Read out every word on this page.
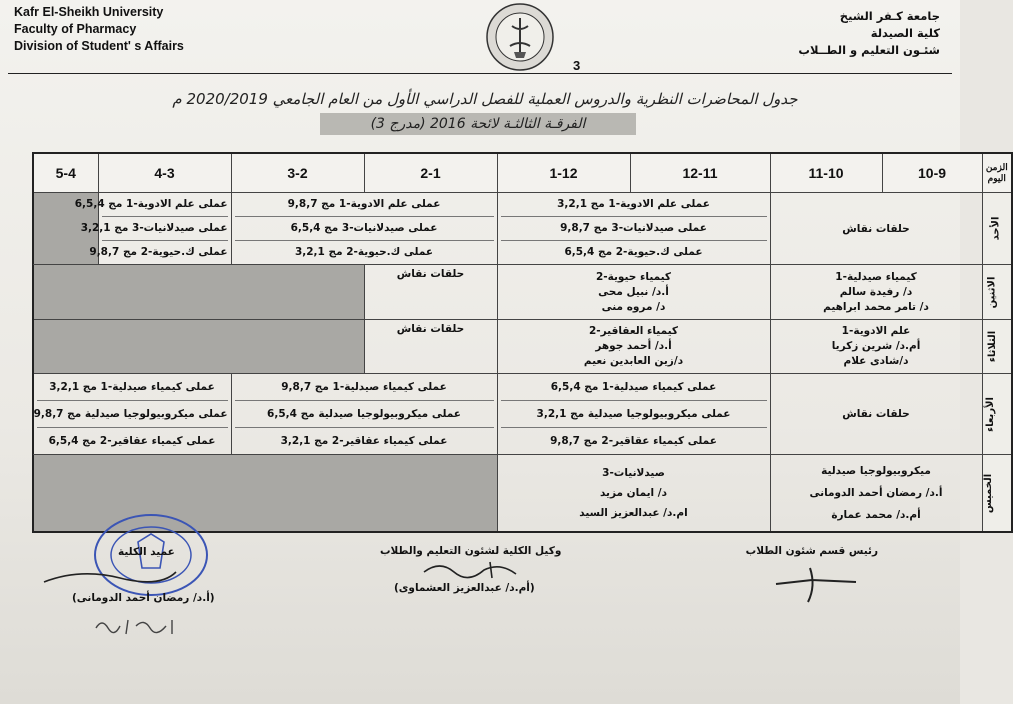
Kafr El-Sheikh University
Faculty of Pharmacy
Division of Student' s Affairs
3
جامعة كـفر الشيخ
كلية الصيدلة
شئـون التعليم و الطــلاب
جدول المحاضرات النظرية والدروس العملية للفصل الدراسي الأول من العام الجامعي 2020/2019 م
الفرقـة الثالثـة لائحة 2016 (مدرج 3)
الزمن
اليوم	10-9	11-10	12-11	1-12	2-1	3-2	4-3	5-4
الأحد	حلقات نقاش		عملى علم الادوية-1 مج 3,2,1
عملى صيدلانيات-3 مج 9,8,7
عملى ك.حيوية-2 مج 6,5,4		عملى علم الادوية-1 مج 9,8,7
عملى صيدلانيات-3 مج 6,5,4
عملى ك.حيوية-2 مج 3,2,1		عملى علم الادوية-1 مج 6,5,4
عملى صيدلانيات-3 مج 3,2,1
عملى ك.حيوية-2 مج 9,8,7	

الاثنين	كيمياء صيدلية-1
د/ رفيدة سالم
د/ تامر محمد ابراهيم		كيمياء حيوية-2
أ.د/ نبيل محى
د/ مروه منى		حلقات نقاش			

الثلاثاء	علم الادوية-1
أم.د/ شرين زكريا
د/شادى علام		كيمياء العقاقير-2
أ.د/ أحمد جوهر
د/زين العابدين نعيم		حلقات نقاش			

الأربعاء	حلقات نقاش		عملى كيمياء صيدلية-1 مج 6,5,4
عملى ميكروبيولوجيا صيدلية مج 3,2,1
عملى كيمياء عقاقير-2 مج 9,8,7		عملى كيمياء صيدلية-1 مج 9,8,7
عملى ميكروبيولوجيا صيدلية مج 6,5,4
عملى كيمياء عقاقير-2 مج 3,2,1		عملى كيمياء صيدلية-1 مج 3,2,1
عملى ميكروبيولوجيا صيدلية مج 9,8,7
عملى كيمياء عقاقير-2 مج 6,5,4	

الخميس	ميكروبيولوجيا صيدلية
أ.د/ رمضان أحمد الدومانى
أم.د/ محمد عمارة		صيدلانيات-3
د/ ايمان مزيد
ام.د/ عبدالعزيز السيد					

رئيس قسم شئون الطلاب
وكيل الكلية لشئون التعليم والطلاب
(أم.د/ عبدالعزيز العشماوى)
عميد الكلية
(أ.د/ رمضان أحمد الدومانى)
